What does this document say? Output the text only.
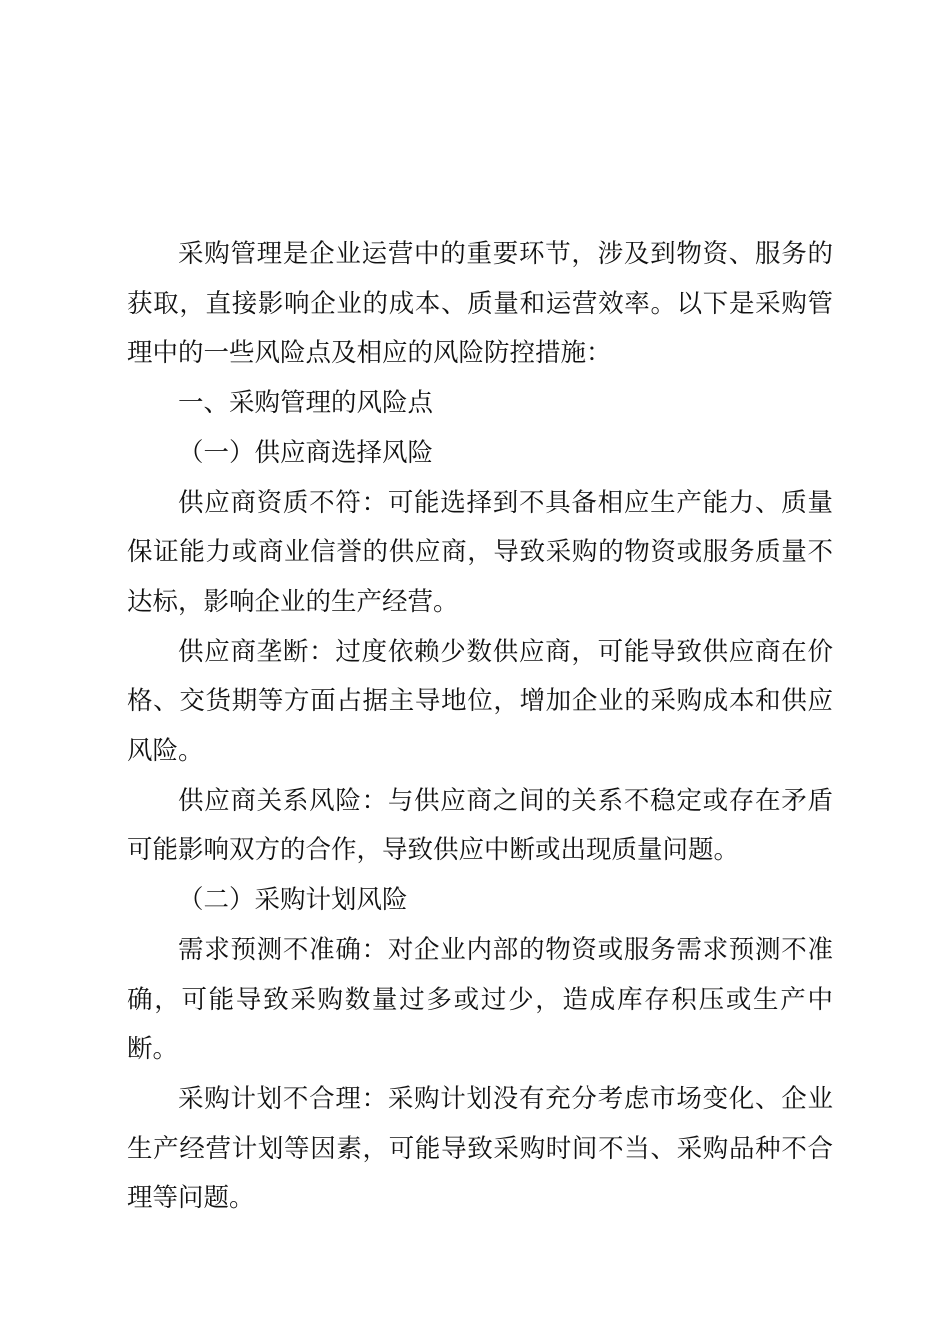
采购管理是企业运营中的重要环节，涉及到物资、服务的获取，直接影响企业的成本、质量和运营效率。以下是采购管理中的一些风险点及相应的风险防控措施：

一、采购管理的风险点

（一）供应商选择风险

供应商资质不符：可能选择到不具备相应生产能力、质量保证能力或商业信誉的供应商，导致采购的物资或服务质量不达标，影响企业的生产经营。

供应商垄断：过度依赖少数供应商，可能导致供应商在价格、交货期等方面占据主导地位，增加企业的采购成本和供应风险。

供应商关系风险：与供应商之间的关系不稳定或存在矛盾可能影响双方的合作，导致供应中断或出现质量问题。

（二）采购计划风险

需求预测不准确：对企业内部的物资或服务需求预测不准确，可能导致采购数量过多或过少，造成库存积压或生产中断。

采购计划不合理：采购计划没有充分考虑市场变化、企业生产经营计划等因素，可能导致采购时间不当、采购品种不合理等问题。
